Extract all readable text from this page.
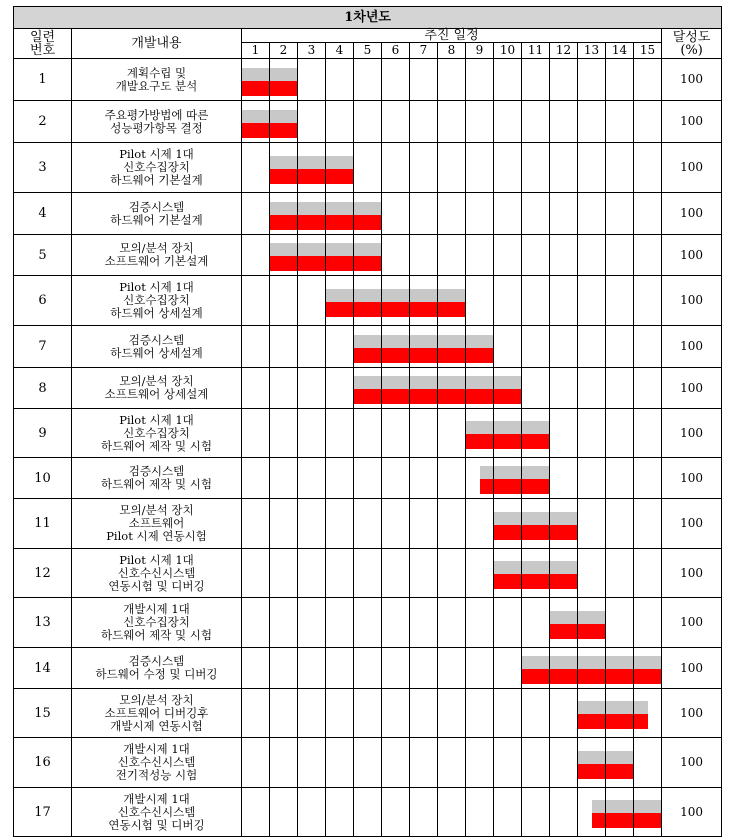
1차년도																	

일련
번호	개발내용	추진 일정															달성도
(%)

		1	2	3	4	5	6	7	8	9	10	11	12	13	14	15	
1	계획수립 및
개발요구도 분석																100
2	주요평가방법에 따른
성능평가항목 결정																100
3	Pilot 시제 1대
신호수집장치
하드웨어 기본설계																100
4	검증시스템
하드웨어 기본설계																100
5	모의/분석 장치
소프트웨어 기본설계																100
6	Pilot 시제 1대
신호수집장치
하드웨어 상세설계																100
7	검증시스템
하드웨어 상세설계																100
8	모의/분석 장치
소프트웨어 상세설계																100
9	Pilot 시제 1대
신호수집장치
하드웨어 제작 및 시험																100
10	검증시스템
하드웨어 제작 및 시험																100
11	모의/분석 장치
소프트웨어
Pilot 시제 연동시험																100
12	Pilot 시제 1대
신호수신시스템
연동시험 및 디버깅																100
13	개발시제 1대
신호수집장치
하드웨어 제작 및 시험																100
14	검증시스템
하드웨어 수정 및 디버깅																100
15	모의/분석 장치
소프트웨어 디버깅후
개발시제 연동시험																100
16	개발시제 1대
신호수신시스템
전기적성능 시험																100
17	개발시제 1대
신호수신시스템
연동시험 및 디버깅																100
